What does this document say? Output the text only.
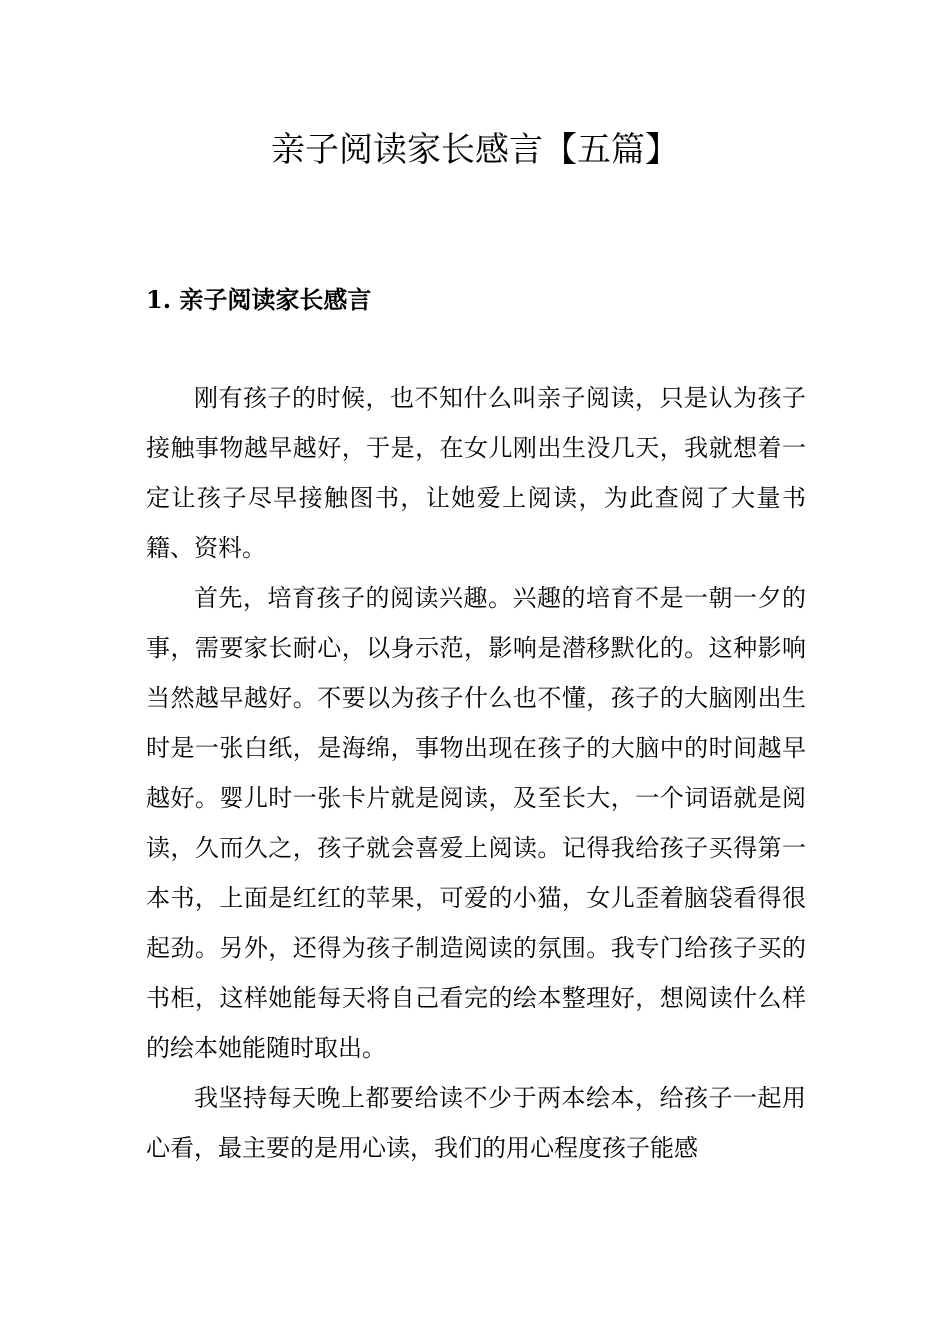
亲子阅读家长感言【五篇】
1. 亲子阅读家长感言

刚有孩子的时候，也不知什么叫亲子阅读，只是认为孩子接触事物越早越好，于是，在女儿刚出生没几天，我就想着一定让孩子尽早接触图书，让她爱上阅读，为此查阅了大量书籍、资料。

首先，培育孩子的阅读兴趣。兴趣的培育不是一朝一夕的事，需要家长耐心，以身示范，影响是潜移默化的。这种影响当然越早越好。不要以为孩子什么也不懂，孩子的大脑刚出生时是一张白纸，是海绵，事物出现在孩子的大脑中的时间越早越好。婴儿时一张卡片就是阅读，及至长大，一个词语就是阅读，久而久之，孩子就会喜爱上阅读。记得我给孩子买得第一本书，上面是红红的苹果，可爱的小猫，女儿歪着脑袋看得很起劲。另外，还得为孩子制造阅读的氛围。我专门给孩子买的书柜，这样她能每天将自己看完的绘本整理好，想阅读什么样的绘本她能随时取出。

我坚持每天晚上都要给读不少于两本绘本，给孩子一起用心看，最主要的是用心读，我们的用心程度孩子能感
